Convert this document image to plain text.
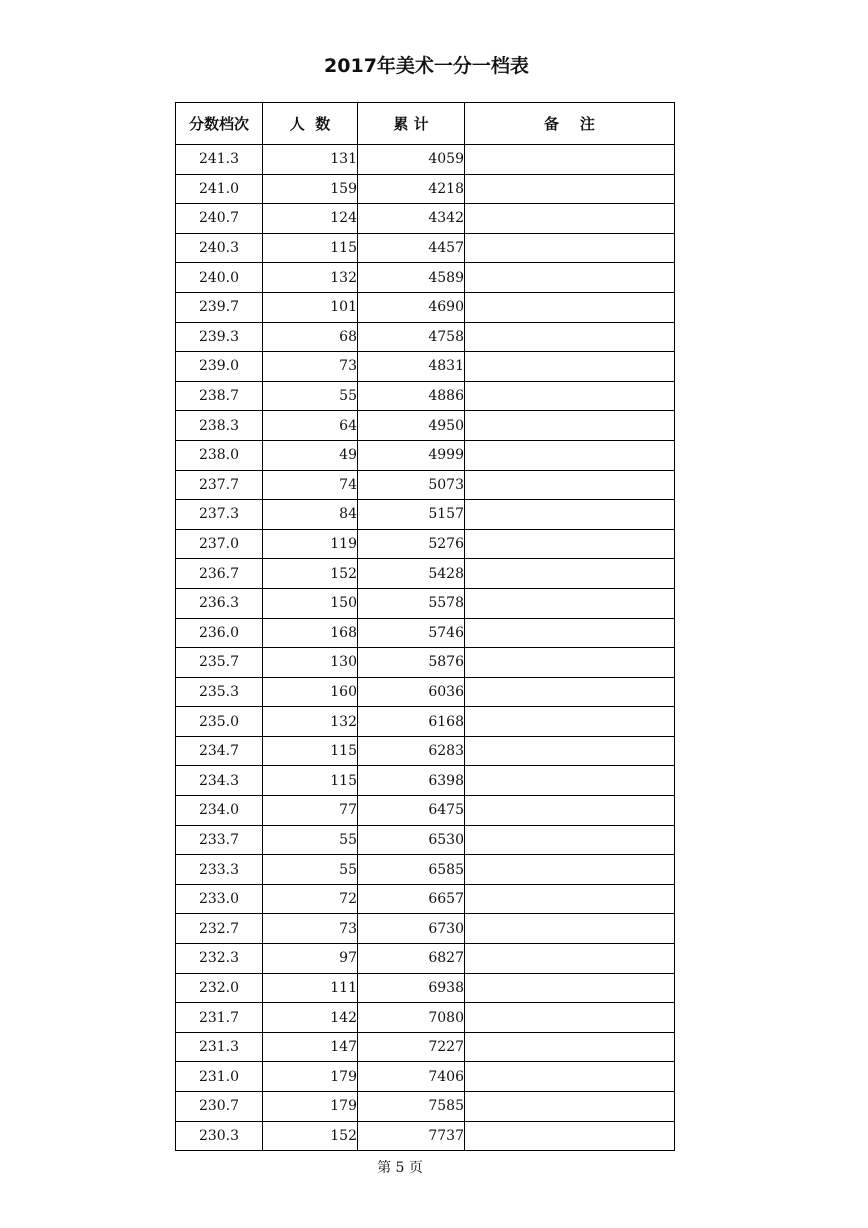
2017年美术一分一档表
分数档次	人  数	累 计	备    注
241.3	131	4059	
241.0	159	4218	
240.7	124	4342	
240.3	115	4457	
240.0	132	4589	
239.7	101	4690	
239.3	68	4758	
239.0	73	4831	
238.7	55	4886	
238.3	64	4950	
238.0	49	4999	
237.7	74	5073	
237.3	84	5157	
237.0	119	5276	
236.7	152	5428	
236.3	150	5578	
236.0	168	5746	
235.7	130	5876	
235.3	160	6036	
235.0	132	6168	
234.7	115	6283	
234.3	115	6398	
234.0	77	6475	
233.7	55	6530	
233.3	55	6585	
233.0	72	6657	
232.7	73	6730	
232.3	97	6827	
232.0	111	6938	
231.7	142	7080	
231.3	147	7227	
231.0	179	7406	
230.7	179	7585	
230.3	152	7737	
第 5 页
